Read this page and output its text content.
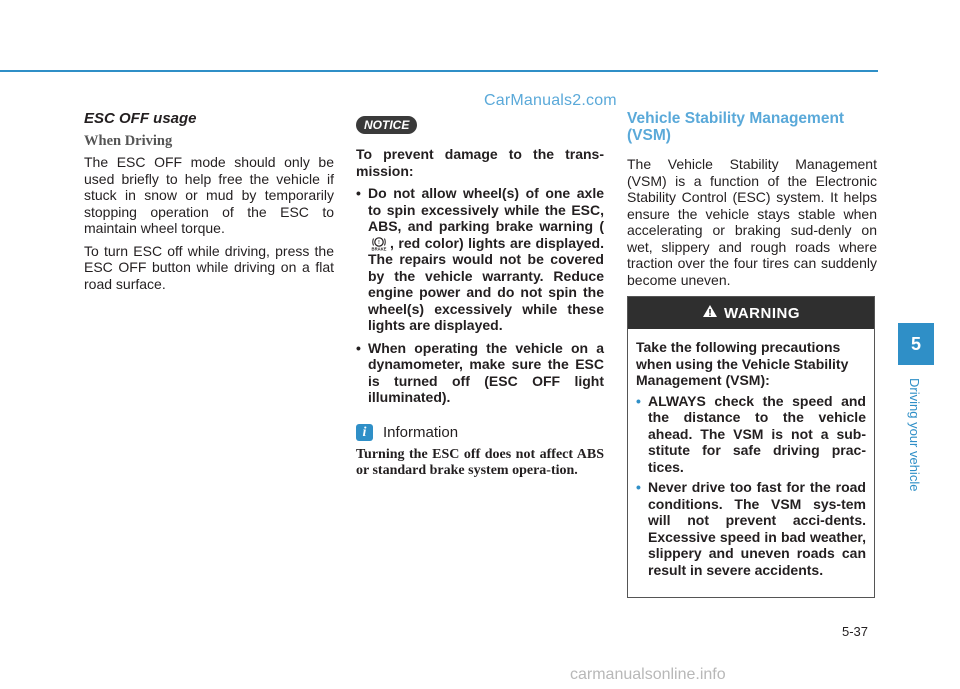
CarManuals2.com
ESC OFF usage
When Driving

The ESC OFF mode should only be used briefly to help free the vehicle if stuck in snow or mud by temporarily stopping operation of the ESC to maintain wheel torque.

To turn ESC off while driving, press the ESC OFF button while driving on a flat road surface.

NOTICE

To prevent damage to the trans-mission:

• Do not allow wheel(s) of one axle to spin excessively while the ESC, ABS, and parking brake warning (
!
BRAKE , red color) lights are displayed. The repairs would not be covered by the vehicle warranty. Reduce engine power and do not spin the wheel(s) excessively while these lights are displayed.
• When operating the vehicle on a dynamometer, make sure the ESC is turned off (ESC OFF light illuminated).
i	Information
Turning the ESC off does not affect ABS or standard brake system opera-tion.
Vehicle Stability Management (VSM)

The Vehicle Stability Management (VSM) is a function of the Electronic Stability Control (ESC) system. It helps ensure the vehicle stays stable when accelerating or braking sud-denly on wet, slippery and rough roads where traction over the four tires can suddenly become uneven.

WARNING

Take the following precautions when using the Vehicle Stability Management (VSM):

• ALWAYS check the speed and the distance to the vehicle ahead. The VSM is not a sub-stitute for safe driving prac-tices.
• Never drive too fast for the road conditions. The VSM sys-tem will not prevent acci-dents. Excessive speed in bad weather, slippery and uneven roads can result in severe accidents.
5
Driving your vehicle
5-37
carmanualsonline.info
